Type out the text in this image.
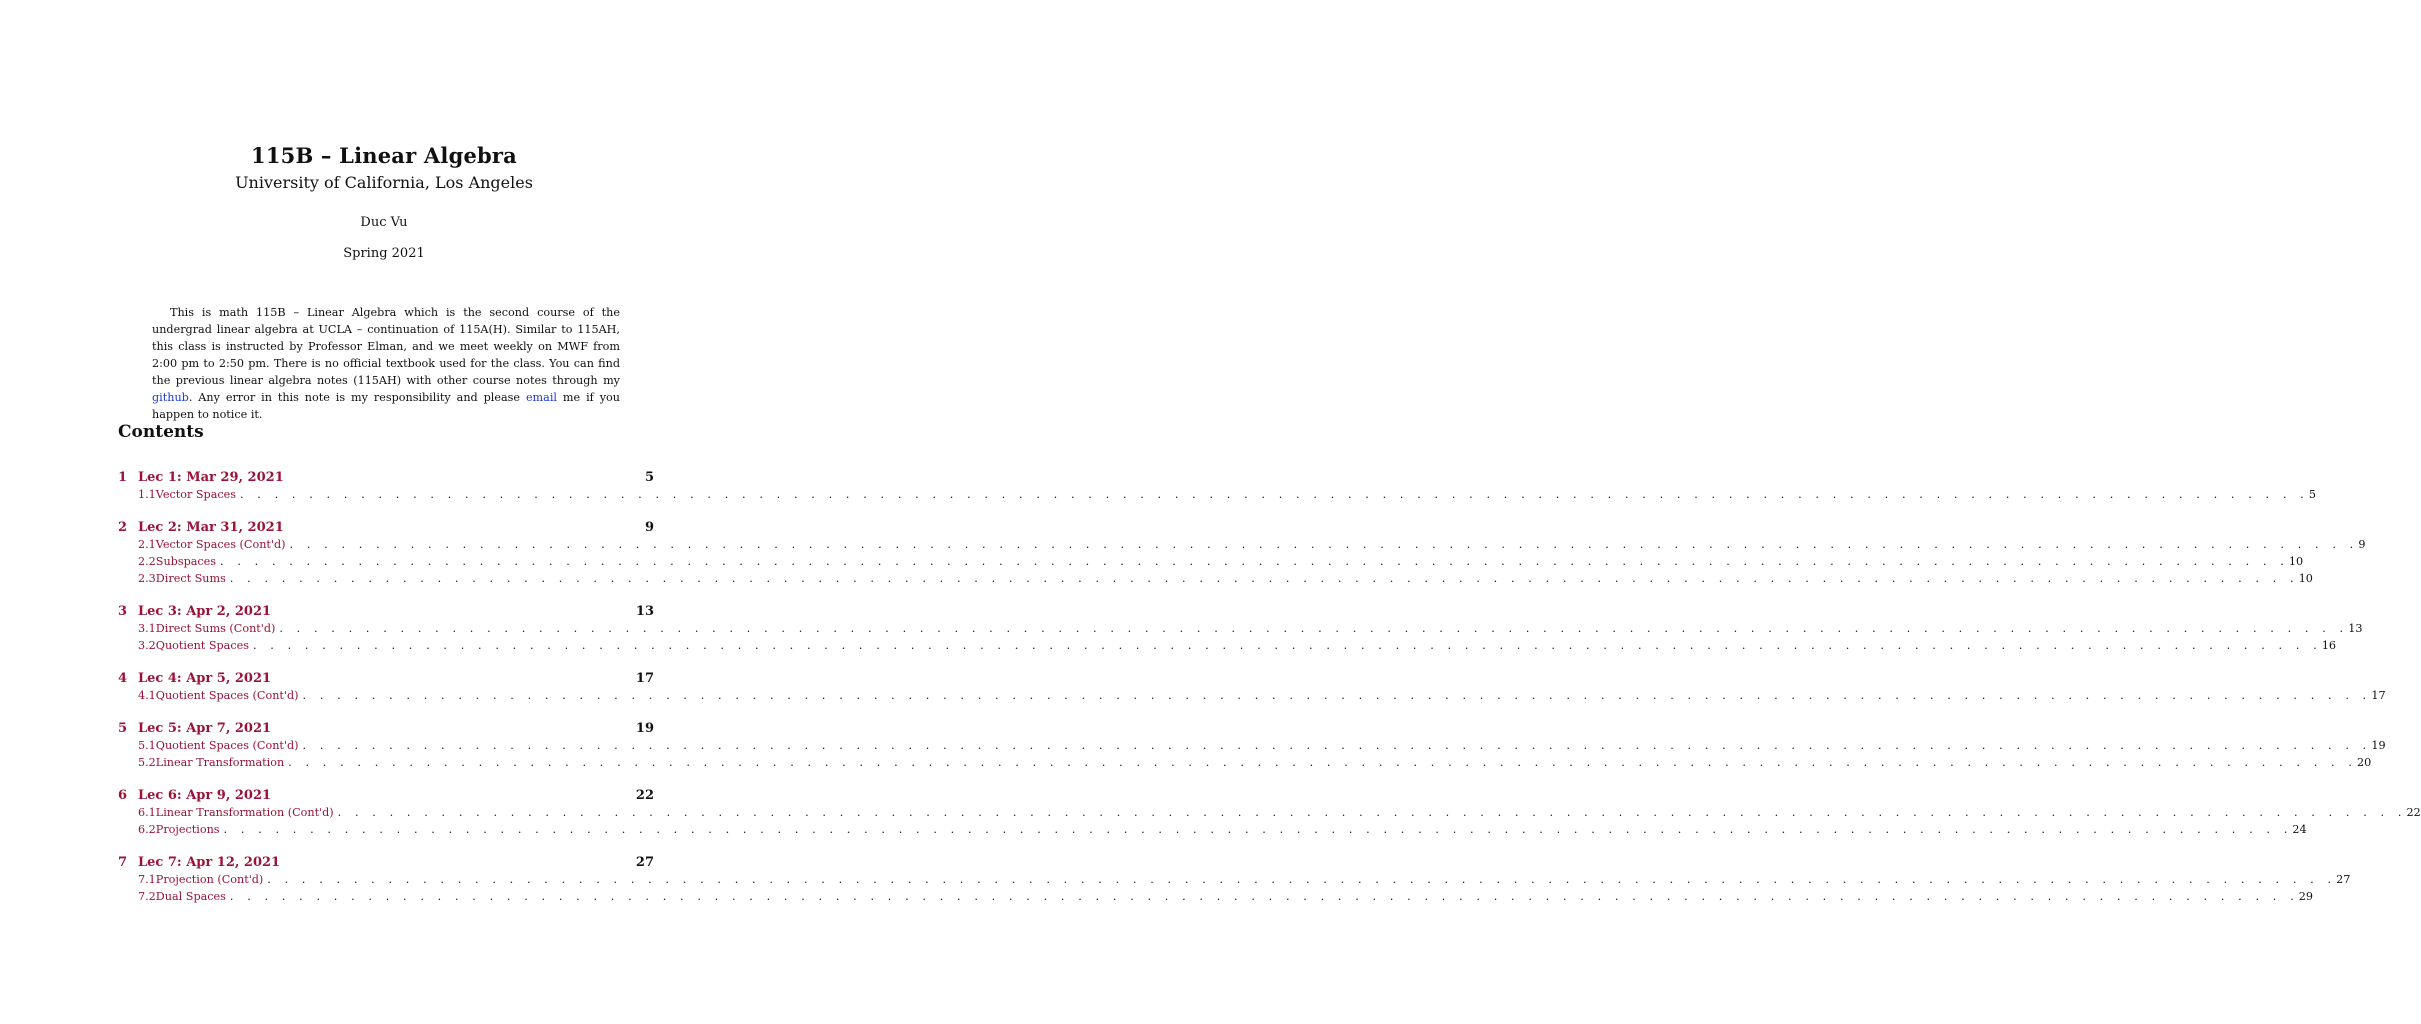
115B – Linear Algebra
University of California, Los Angeles
Duc Vu
Spring 2021

This is math 115B – Linear Algebra which is the second course of the undergrad linear algebra at UCLA – continuation of 115A(H). Similar to 115AH, this class is instructed by Professor Elman, and we meet weekly on MWF from 2:00 pm to 2:50 pm. There is no official textbook used for the class. You can find the previous linear algebra notes (115AH) with other course notes through my github. Any error in this note is my responsibility and please email me if you happen to notice it.

Contents
1 Lec 1: Mar 29, 2021	5
1.1 Vector Spaces . . . . . . . . . . . . . . . . . . . . . . . . . . . . . . . . . . . . . . . . . . . . . . . . . . . . . . . . . . . . . . . . . . . . . . . . . . . . . . . . . . . . . . . . . . . . . . . . . . . . . . . . . . . . . . . . . . . . . . . . 5
2 Lec 2: Mar 31, 2021	9
2.1 Vector Spaces (Cont'd) . . . . . . . . . . . . . . . . . . . . . . . . . . . . . . . . . . . . . . . . . . . . . . . . . . . . . . . . . . . . . . . . . . . . . . . . . . . . . . . . . . . . . . . . . . . . . . . . . . . . . . . . . . . . . . . . . . . . . . . . 9
2.2 Subspaces . . . . . . . . . . . . . . . . . . . . . . . . . . . . . . . . . . . . . . . . . . . . . . . . . . . . . . . . . . . . . . . . . . . . . . . . . . . . . . . . . . . . . . . . . . . . . . . . . . . . . . . . . . . . . . . . . . . . . . . . 10
2.3 Direct Sums . . . . . . . . . . . . . . . . . . . . . . . . . . . . . . . . . . . . . . . . . . . . . . . . . . . . . . . . . . . . . . . . . . . . . . . . . . . . . . . . . . . . . . . . . . . . . . . . . . . . . . . . . . . . . . . . . . . . . . . . 10
3 Lec 3: Apr 2, 2021	13
3.1 Direct Sums (Cont'd) . . . . . . . . . . . . . . . . . . . . . . . . . . . . . . . . . . . . . . . . . . . . . . . . . . . . . . . . . . . . . . . . . . . . . . . . . . . . . . . . . . . . . . . . . . . . . . . . . . . . . . . . . . . . . . . . . . . . . . . . 13
3.2 Quotient Spaces . . . . . . . . . . . . . . . . . . . . . . . . . . . . . . . . . . . . . . . . . . . . . . . . . . . . . . . . . . . . . . . . . . . . . . . . . . . . . . . . . . . . . . . . . . . . . . . . . . . . . . . . . . . . . . . . . . . . . . . . 16
4 Lec 4: Apr 5, 2021	17
4.1 Quotient Spaces (Cont'd) . . . . . . . . . . . . . . . . . . . . . . . . . . . . . . . . . . . . . . . . . . . . . . . . . . . . . . . . . . . . . . . . . . . . . . . . . . . . . . . . . . . . . . . . . . . . . . . . . . . . . . . . . . . . . . . . . . . . . . . . 17
5 Lec 5: Apr 7, 2021	19
5.1 Quotient Spaces (Cont'd) . . . . . . . . . . . . . . . . . . . . . . . . . . . . . . . . . . . . . . . . . . . . . . . . . . . . . . . . . . . . . . . . . . . . . . . . . . . . . . . . . . . . . . . . . . . . . . . . . . . . . . . . . . . . . . . . . . . . . . . . 19
5.2 Linear Transformation . . . . . . . . . . . . . . . . . . . . . . . . . . . . . . . . . . . . . . . . . . . . . . . . . . . . . . . . . . . . . . . . . . . . . . . . . . . . . . . . . . . . . . . . . . . . . . . . . . . . . . . . . . . . . . . . . . . . . . . . 20
6 Lec 6: Apr 9, 2021	22
6.1 Linear Transformation (Cont'd) . . . . . . . . . . . . . . . . . . . . . . . . . . . . . . . . . . . . . . . . . . . . . . . . . . . . . . . . . . . . . . . . . . . . . . . . . . . . . . . . . . . . . . . . . . . . . . . . . . . . . . . . . . . . . . . . . . . . . . . . 22
6.2 Projections . . . . . . . . . . . . . . . . . . . . . . . . . . . . . . . . . . . . . . . . . . . . . . . . . . . . . . . . . . . . . . . . . . . . . . . . . . . . . . . . . . . . . . . . . . . . . . . . . . . . . . . . . . . . . . . . . . . . . . . . 24
7 Lec 7: Apr 12, 2021	27
7.1 Projection (Cont'd) . . . . . . . . . . . . . . . . . . . . . . . . . . . . . . . . . . . . . . . . . . . . . . . . . . . . . . . . . . . . . . . . . . . . . . . . . . . . . . . . . . . . . . . . . . . . . . . . . . . . . . . . . . . . . . . . . . . . . . . . 27
7.2 Dual Spaces . . . . . . . . . . . . . . . . . . . . . . . . . . . . . . . . . . . . . . . . . . . . . . . . . . . . . . . . . . . . . . . . . . . . . . . . . . . . . . . . . . . . . . . . . . . . . . . . . . . . . . . . . . . . . . . . . . . . . . . . 29
